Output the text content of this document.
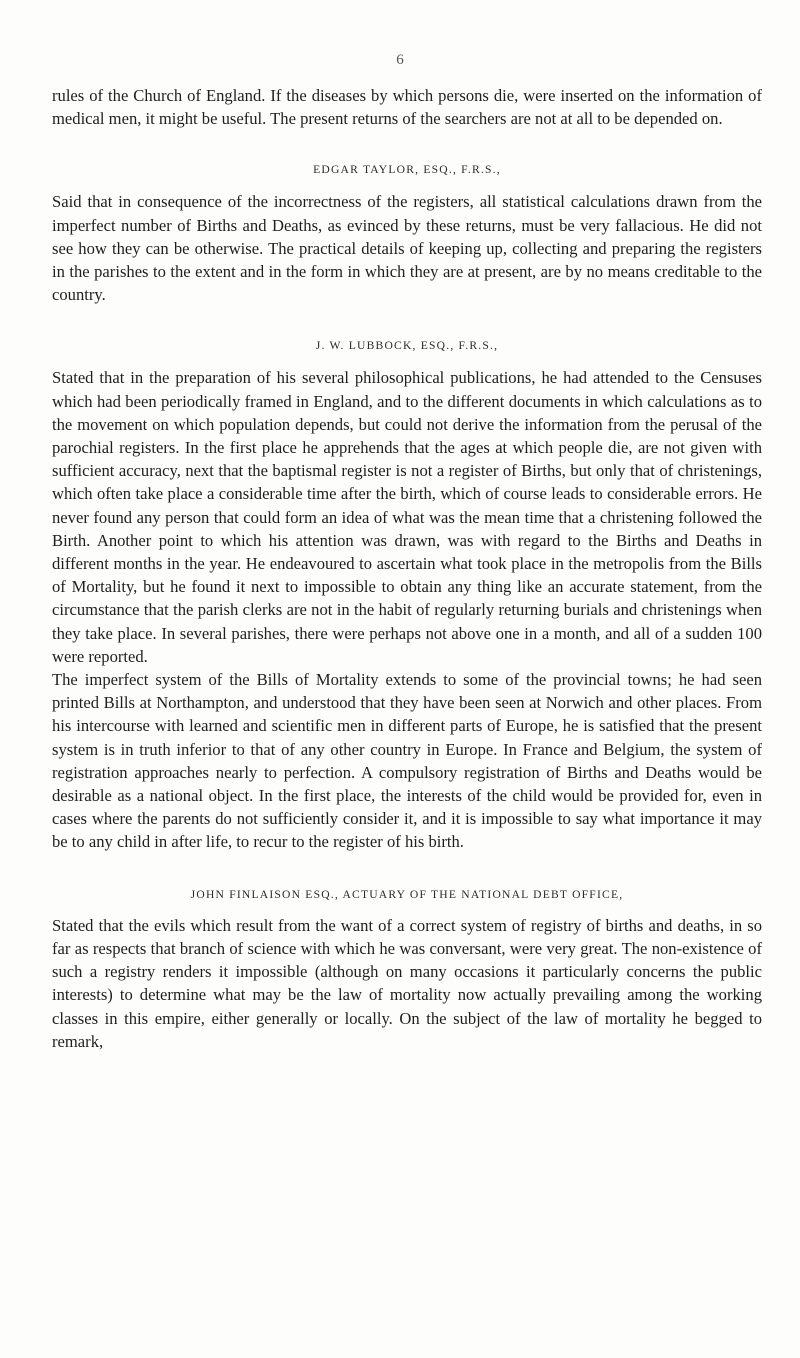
6

rules of the Church of England. If the diseases by which persons die, were inserted on the information of medical men, it might be useful. The present returns of the searchers are not at all to be depended on.

EDGAR TAYLOR, ESQ., F.R.S.,

Said that in consequence of the incorrectness of the registers, all statistical calculations drawn from the imperfect number of Births and Deaths, as evinced by these returns, must be very fallacious. He did not see how they can be otherwise. The practical details of keeping up, collecting and preparing the registers in the parishes to the extent and in the form in which they are at present, are by no means creditable to the country.

J. W. LUBBOCK, ESQ., F.R.S.,

Stated that in the preparation of his several philosophical publications, he had attended to the Censuses which had been periodically framed in England, and to the different documents in which calculations as to the movement on which population depends, but could not derive the information from the perusal of the parochial registers. In the first place he apprehends that the ages at which people die, are not given with sufficient accuracy, next that the baptismal register is not a register of Births, but only that of christenings, which often take place a considerable time after the birth, which of course leads to considerable errors. He never found any person that could form an idea of what was the mean time that a christening followed the Birth. Another point to which his attention was drawn, was with regard to the Births and Deaths in different months in the year. He endeavoured to ascertain what took place in the metropolis from the Bills of Mortality, but he found it next to impossible to obtain any thing like an accurate statement, from the circumstance that the parish clerks are not in the habit of regularly returning burials and christenings when they take place. In several parishes, there were perhaps not above one in a month, and all of a sudden 100 were reported.

The imperfect system of the Bills of Mortality extends to some of the provincial towns; he had seen printed Bills at Northampton, and understood that they have been seen at Norwich and other places. From his intercourse with learned and scientific men in different parts of Europe, he is satisfied that the present system is in truth inferior to that of any other country in Europe. In France and Belgium, the system of registration approaches nearly to perfection. A compulsory registration of Births and Deaths would be desirable as a national object. In the first place, the interests of the child would be provided for, even in cases where the parents do not sufficiently consider it, and it is impossible to say what importance it may be to any child in after life, to recur to the register of his birth.

JOHN FINLAISON ESQ., ACTUARY OF THE NATIONAL DEBT OFFICE,

Stated that the evils which result from the want of a correct system of registry of births and deaths, in so far as respects that branch of science with which he was conversant, were very great. The non-existence of such a registry renders it impossible (although on many occasions it particularly concerns the public interests) to determine what may be the law of mortality now actually prevailing among the working classes in this empire, either generally or locally. On the subject of the law of mortality he begged to remark,
